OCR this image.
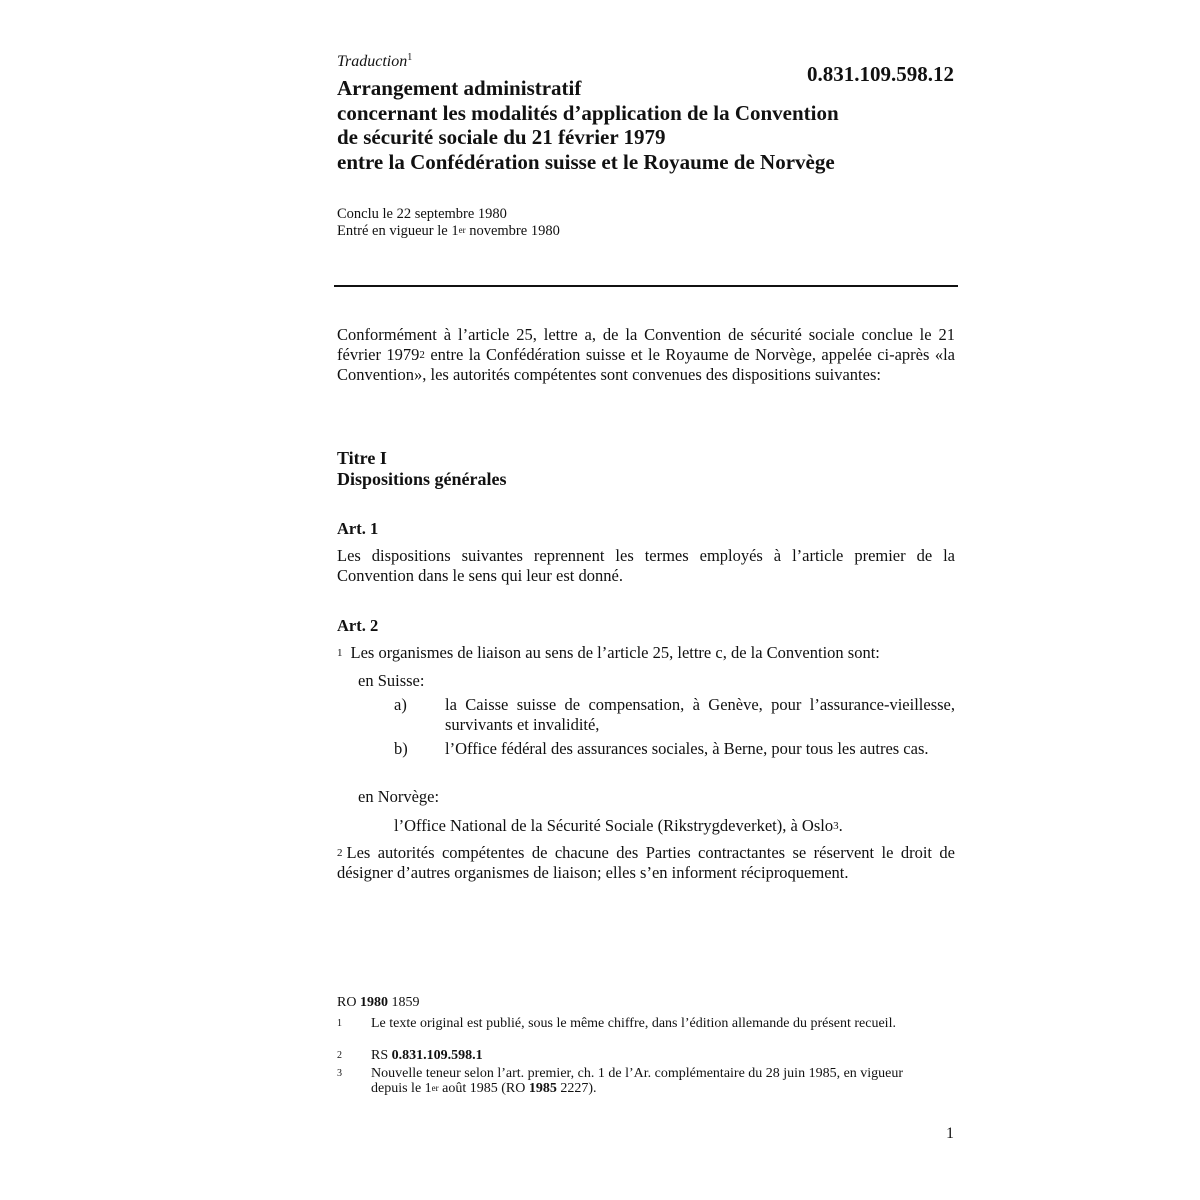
Traduction$^1$
0.831.109.598.12
Arrangement administratif
concernant les modalités d’application de la Convention
de sécurité sociale du 21 février 1979
entre la Confédération suisse et le Royaume de Norvège
Conclu le 22 septembre 1980
Entré en vigueur le 1er novembre 1980
Conformément à l’article 25, lettre a, de la Convention de sécurité sociale conclue le 21 février 1979$^2$ entre la Confédération suisse et le Royaume de Norvège, appelée ci-après «la Convention», les autorités compétentes sont convenues des dispositions suivantes:
Titre I
Dispositions générales
Art. 1
Les dispositions suivantes reprennent les termes employés à l’article premier de la Convention dans le sens qui leur est donné.
Art. 2
$^1$ Les organismes de liaison au sens de l’article 25, lettre c, de la Convention sont:
en Suisse:
a) la Caisse suisse de compensation, à Genève, pour l’assurance-vieillesse, survivants et invalidité,
b) l’Office fédéral des assurances sociales, à Berne, pour tous les autres cas.
en Norvège:
l’Office National de la Sécurité Sociale (Rikstrygdeverket), à Oslo$^3$.
$^2$ Les autorités compétentes de chacune des Parties contractantes se réservent le droit de désigner d’autres organismes de liaison; elles s’en informent réciproquement.
RO 1980 1859
1 Le texte original est publié, sous le même chiffre, dans l’édition allemande du présent recueil.
2 RS 0.831.109.598.1
3 Nouvelle teneur selon l’art. premier, ch. 1 de l’Ar. complémentaire du 28 juin 1985, en vigueur depuis le 1er août 1985 (RO 1985 2227).
1
